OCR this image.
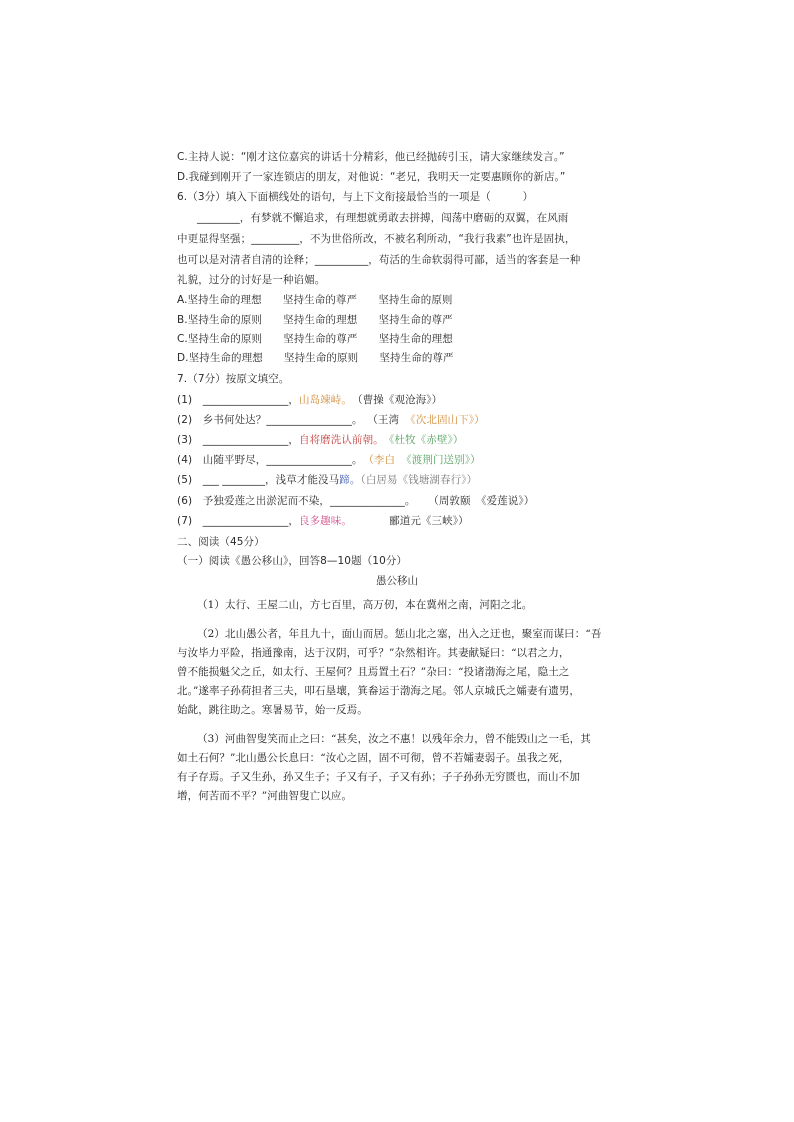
C.主持人说：“刚才这位嘉宾的讲话十分精彩，他已经抛砖引玉，请大家继续发言。”
D.我碰到刚开了一家连锁店的朋友，对他说：“老兄，我明天一定要惠顾你的新店。”
6.（3分）填入下面横线处的语句，与上下文衔接最恰当的一项是（　　　）
________，有梦就不懈追求，有理想就勇敢去拼搏，闯荡中磨砺的双翼，在风雨
中更显得坚强；_________，不为世俗所改，不被名利所动，“我行我素”也许是固执，
也可以是对清者自清的诠释；__________，苟活的生命软弱得可鄙，适当的客套是一种
礼貌，过分的讨好是一种谄媚。
A.坚持生命的理想　　坚持生命的尊严　　坚持生命的原则
B.坚持生命的原则　　坚持生命的理想　　坚持生命的尊严
C.坚持生命的原则　　坚持生命的尊严　　坚持生命的理想
D.坚持生命的理想　　坚持生命的原则　　坚持生命的尊严
7.（7分）按原文填空。
(1)　________________，山岛竦峙。　（曹操《观沧海》）
(2)　乡书何处达？________________。 （王湾 《次北固山下》）
(3)　________________，自将磨洗认前朝。　《杜牧《赤壁》）
(4)　山随平野尽，________________。 （李白 《渡荆门送别》）
(5)　___ ________，浅草才能没马蹄。（白居易《钱塘湖春行》）
(6)　予独爱莲之出淤泥而不染，______________。 （周敦颐　《爱莲说》）
(7)　________________，良多趣味。　　　　郦道元《三峡》）
二、阅读（45分）
（一）阅读《愚公移山》，回答8—10题（10分）
愚公移山
（1）太行、王屋二山，方七百里，高万仞，本在冀州之南，河阳之北。
（2）北山愚公者，年且九十，面山而居。惩山北之塞，出入之迂也，聚室而谋曰：“吾
与汝毕力平险，指通豫南，达于汉阴，可乎？”杂然相许。其妻献疑曰：“以君之力，
曾不能损魁父之丘，如太行、王屋何？且焉置土石？”杂曰：“投诸渤海之尾，隐土之
北。”遂率子孙荷担者三夫，叩石垦壤，箕畚运于渤海之尾。邻人京城氏之孀妻有遗男，
始龀，跳往助之。寒暑易节，始一反焉。
（3）河曲智叟笑而止之曰：“甚矣，汝之不惠！以残年余力，曾不能毁山之一毛，其
如土石何？”北山愚公长息曰：“汝心之固，固不可彻，曾不若孀妻弱子。虽我之死，
有子存焉。子又生孙，孙又生子；子又有子，子又有孙；子子孙孙无穷匮也，而山不加
增，何苦而不平？”河曲智叟亡以应。
